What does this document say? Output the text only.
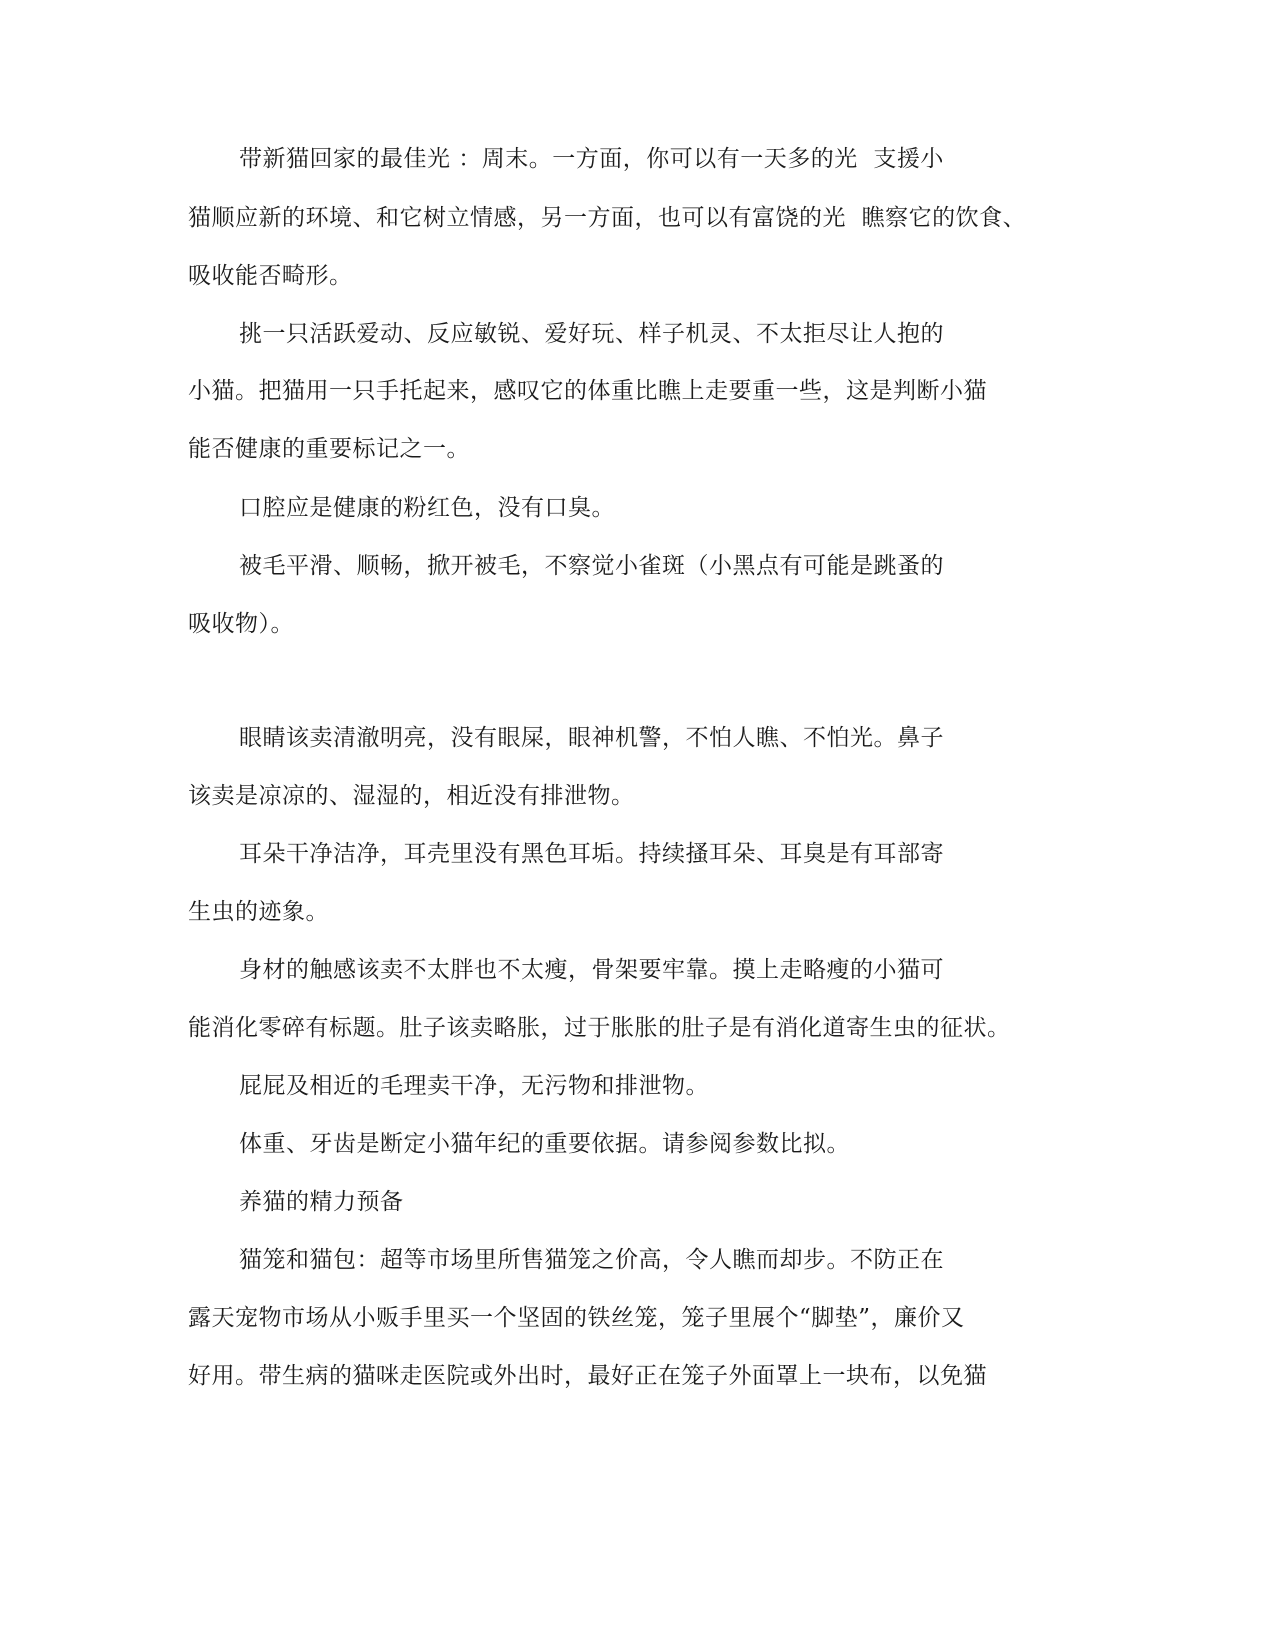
带新猫回家的最佳光 ：周末。一方面，你可以有一天多的光  支援小
猫顺应新的环境、和它树立情感，另一方面，也可以有富饶的光  瞧察它的饮食、
吸收能否畸形。
挑一只活跃爱动、反应敏锐、爱好玩、样子机灵、不太拒尽让人抱的
小猫。把猫用一只手托起来，感叹它的体重比瞧上走要重一些，这是判断小猫
能否健康的重要标记之一。
口腔应是健康的粉红色，没有口臭。
被毛平滑、顺畅，掀开被毛，不察觉小雀斑（小黑点有可能是跳蚤的
吸收物）。
眼睛该卖清澈明亮，没有眼屎，眼神机警，不怕人瞧、不怕光。鼻子
该卖是凉凉的、湿湿的，相近没有排泄物。
耳朵干净洁净，耳壳里没有黑色耳垢。持续搔耳朵、耳臭是有耳部寄
生虫的迹象。
身材的触感该卖不太胖也不太瘦，骨架要牢靠。摸上走略瘦的小猫可
能消化零碎有标题。肚子该卖略胀，过于胀胀的肚子是有消化道寄生虫的征状。
屁屁及相近的毛理卖干净，无污物和排泄物。
体重、牙齿是断定小猫年纪的重要依据。请参阅参数比拟。
养猫的精力预备
猫笼和猫包：超等市场里所售猫笼之价高，令人瞧而却步。不防正在
露天宠物市场从小贩手里买一个坚固的铁丝笼，笼子里展个“脚垫”，廉价又
好用。带生病的猫咪走医院或外出时，最好正在笼子外面罩上一块布，以免猫
